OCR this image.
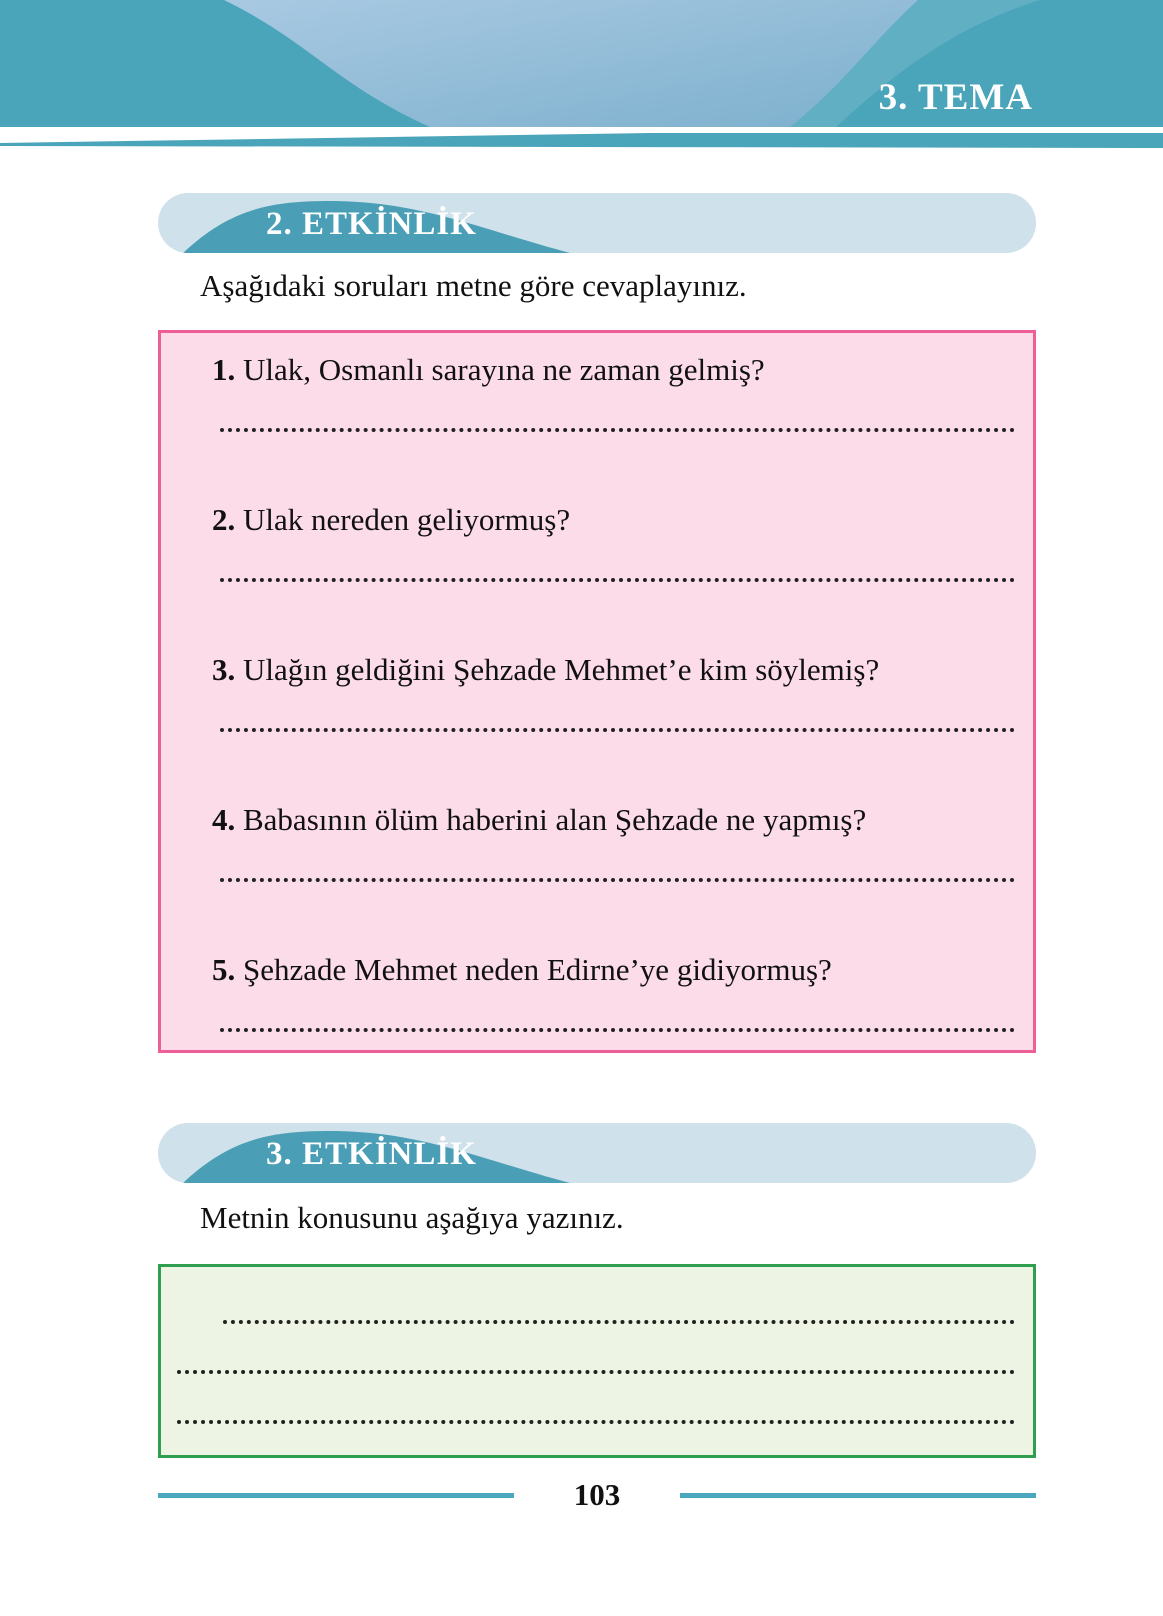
3. TEMA
2. ETKİNLİK
Aşağıdaki soruları metne göre cevaplayınız.
1. Ulak, Osmanlı sarayına ne zaman gelmiş?
2. Ulak nereden geliyormuş?
3. Ulağın geldiğini Şehzade Mehmet’e kim söylemiş?
4. Babasının ölüm haberini alan Şehzade ne yapmış?
5. Şehzade Mehmet neden Edirne’ye gidiyormuş?
3. ETKİNLİK
Metnin konusunu aşağıya yazınız.
103
